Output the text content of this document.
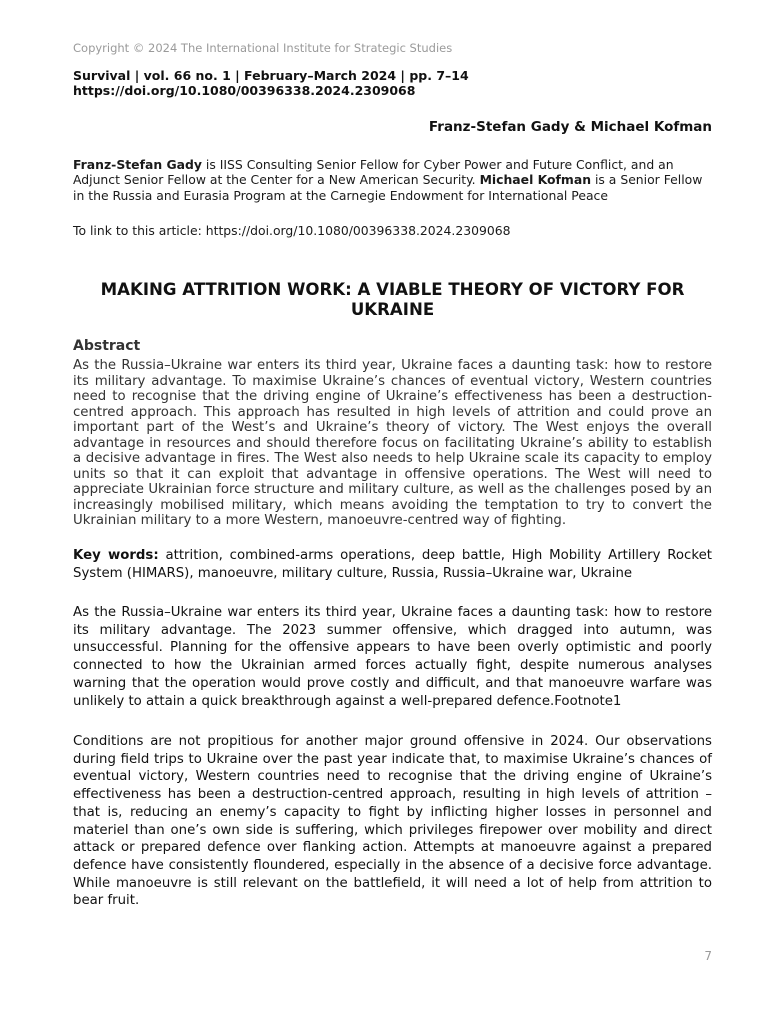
Copyright © 2024 The International Institute for Strategic Studies
Survival | vol. 66 no. 1 | February–March 2024 | pp. 7–14
https://doi.org/10.1080/00396338.2024.2309068
Franz-Stefan Gady & Michael Kofman
Franz-Stefan Gady is IISS Consulting Senior Fellow for Cyber Power and Future Conflict, and an Adjunct Senior Fellow at the Center for a New American Security. Michael Kofman is a Senior Fellow in the Russia and Eurasia Program at the Carnegie Endowment for International Peace
To link to this article: https://doi.org/10.1080/00396338.2024.2309068
MAKING ATTRITION WORK: A VIABLE THEORY OF VICTORY FOR UKRAINE
Abstract
As the Russia–Ukraine war enters its third year, Ukraine faces a daunting task: how to restore its military advantage. To maximise Ukraine’s chances of eventual victory, Western countries need to recognise that the driving engine of Ukraine’s effectiveness has been a destruction-centred approach. This approach has resulted in high levels of attrition and could prove an important part of the West’s and Ukraine’s theory of victory. The West enjoys the overall advantage in resources and should therefore focus on facilitating Ukraine’s ability to establish a decisive advantage in fires. The West also needs to help Ukraine scale its capacity to employ units so that it can exploit that advantage in offensive operations. The West will need to appreciate Ukrainian force structure and military culture, as well as the challenges posed by an increasingly mobilised military, which means avoiding the temptation to try to convert the Ukrainian military to a more Western, manoeuvre-centred way of fighting.
Key words: attrition, combined-arms operations, deep battle, High Mobility Artillery Rocket System (HIMARS), manoeuvre, military culture, Russia, Russia–Ukraine war, Ukraine
As the Russia–Ukraine war enters its third year, Ukraine faces a daunting task: how to restore its military advantage. The 2023 summer offensive, which dragged into autumn, was unsuccessful. Planning for the offensive appears to have been overly optimistic and poorly connected to how the Ukrainian armed forces actually fight, despite numerous analyses warning that the operation would prove costly and difficult, and that manoeuvre warfare was unlikely to attain a quick breakthrough against a well-prepared defence.Footnote1
Conditions are not propitious for another major ground offensive in 2024. Our observations during field trips to Ukraine over the past year indicate that, to maximise Ukraine’s chances of eventual victory, Western countries need to recognise that the driving engine of Ukraine’s effectiveness has been a destruction-centred approach, resulting in high levels of attrition – that is, reducing an enemy’s capacity to fight by inflicting higher losses in personnel and materiel than one’s own side is suffering, which privileges firepower over mobility and direct attack or prepared defence over flanking action. Attempts at manoeuvre against a prepared defence have consistently floundered, especially in the absence of a decisive force advantage. While manoeuvre is still relevant on the battlefield, it will need a lot of help from attrition to bear fruit.
7
